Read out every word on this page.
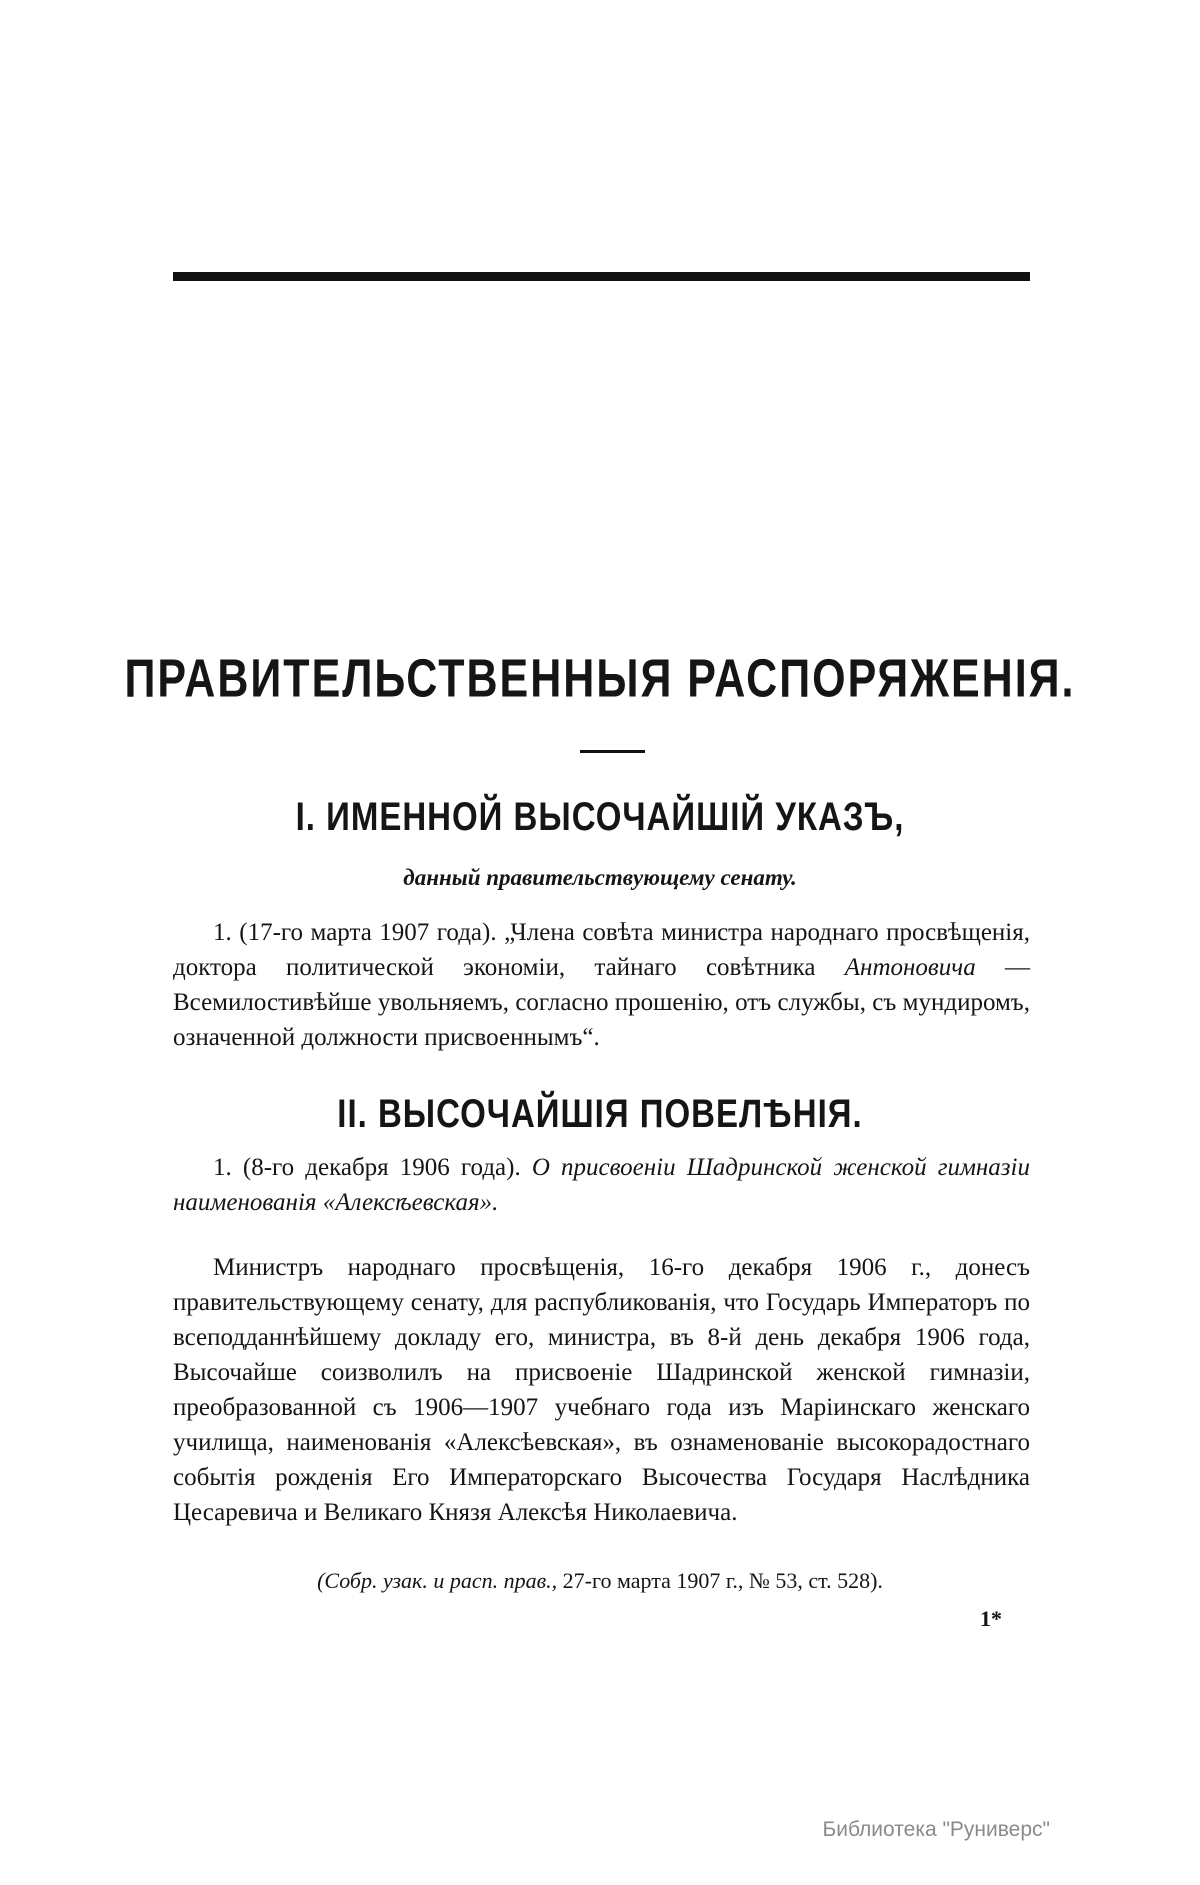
ПРАВИТЕЛЬСТВЕННЫЯ РАСПОРЯЖЕНІЯ.
I. ИМЕННОЙ ВЫСОЧАЙШІЙ УКАЗЪ,
данный правительствующему сенату.
1. (17-го марта 1907 года). „Члена совѣта министра народнаго просвѣщенія, доктора политической экономіи, тайнаго совѣтника Антоновича — Всемилостивѣйше увольняемъ, согласно прошенію, отъ службы, съ мундиромъ, означенной должности присвоеннымъ“.
II. ВЫСОЧАЙШІЯ ПОВЕЛѢНІЯ.
1. (8-го декабря 1906 года). О присвоеніи Шадринской женской гимназіи наименованія «Алексѣевская».
Министръ народнаго просвѣщенія, 16-го декабря 1906 г., донесъ правительствующему сенату, для распубликованія, что Государь Императоръ по всеподданнѣйшему докладу его, министра, въ 8-й день декабря 1906 года, Высочайше соизволилъ на присвоеніе Шадринской женской гимназіи, преобразованной съ 1906—1907 учебнаго года изъ Маріинскаго женскаго училища, наименованія «Алексѣевская», въ ознаменованіе высокорадостнаго событія рожденія Его Императорскаго Высочества Государя Наслѣдника Цесаревича и Великаго Князя Алексѣя Николаевича.
(Собр. узак. и расп. прав., 27-го марта 1907 г., № 53, ст. 528).
1*
Библиотека "Руниверс"
